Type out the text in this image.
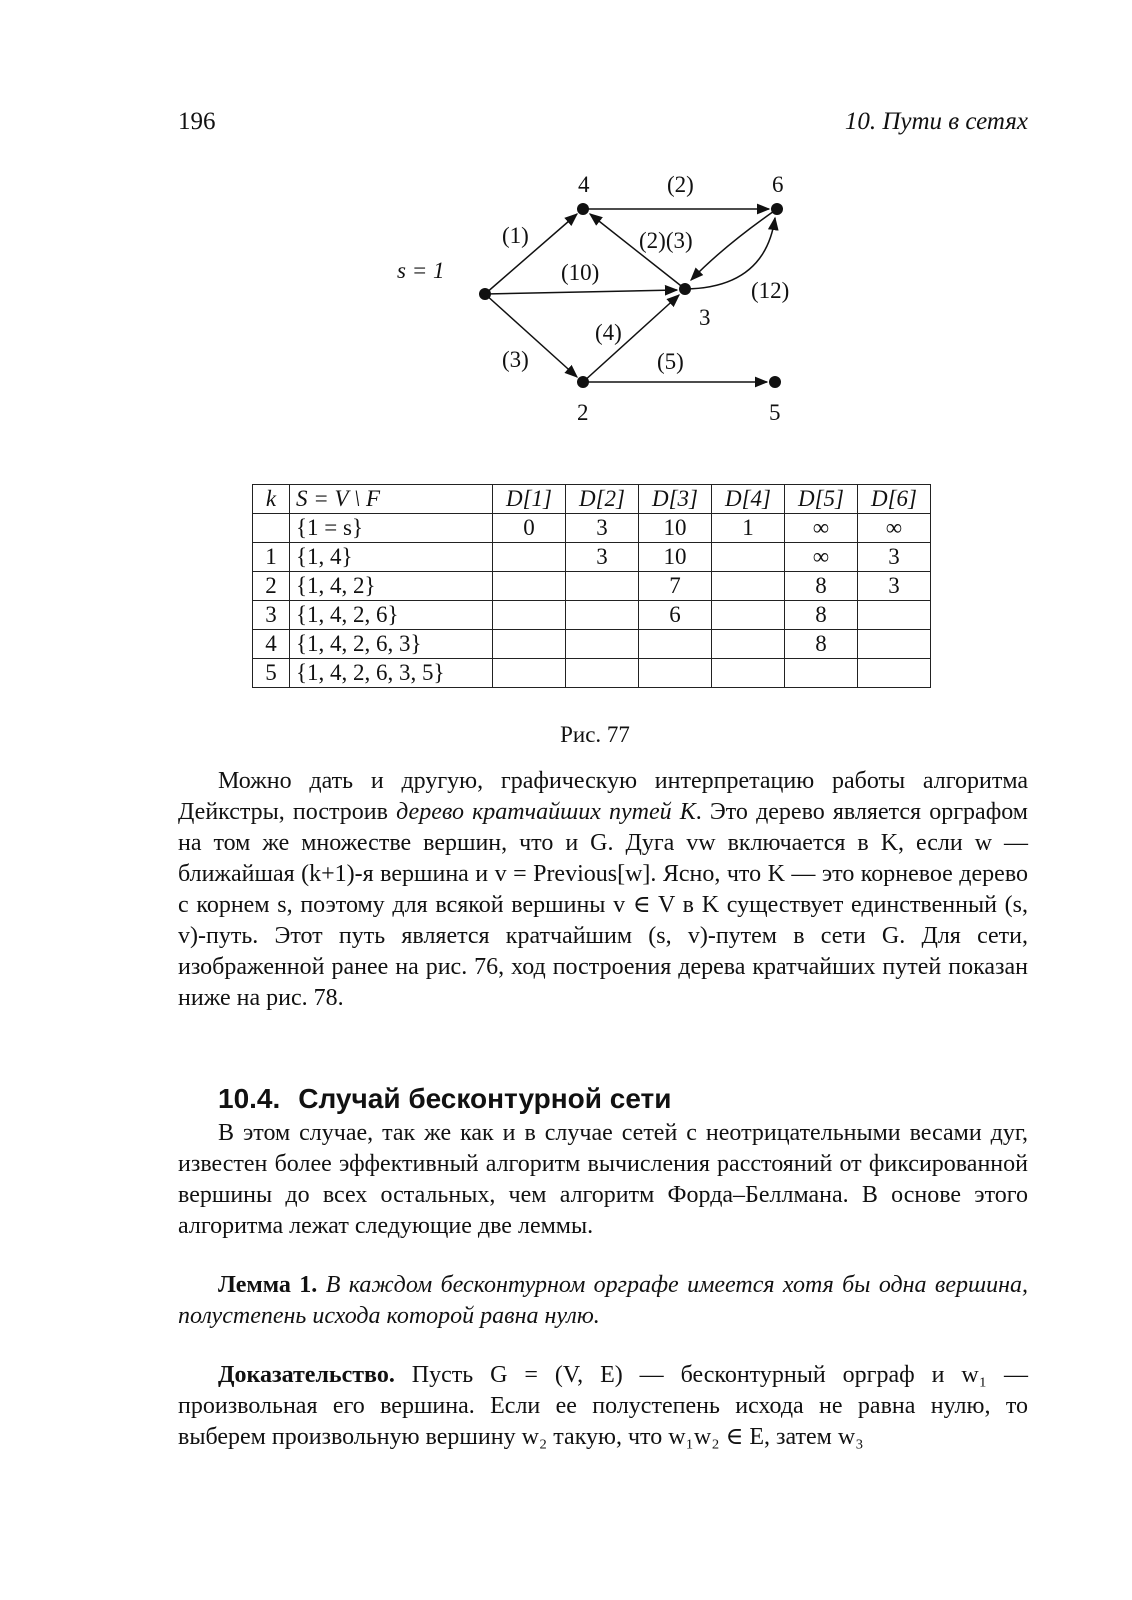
196	10. Пути в сетях
s = 1
4	6
3
2	5
(1)
(10)
(3)
(2)
(2)(3)
(4)
(5)
(12)
k	S = V \ F	D[1]	D[2]	D[3]	D[4]	D[5]	D[6]
	{1 = s}	0	3	10	1	∞	∞
1	{1, 4}		3	10		∞	3
2	{1, 4, 2}			7		8	3
3	{1, 4, 2, 6}			6		8	
4	{1, 4, 2, 6, 3}					8	
5	{1, 4, 2, 6, 3, 5}						
Рис. 77
Можно дать и другую, графическую интерпретацию работы алгоритма Дейкстры, построив дерево кратчайших путей K. Это дерево является орграфом на том же множестве вершин, что и G. Дуга vw включается в K, если w — ближайшая (k+1)-я вершина и v = Previous[w]. Ясно, что K — это корневое дерево с корнем s, поэтому для всякой вершины v ∈ V в K существует единственный (s, v)-путь. Этот путь является кратчайшим (s, v)-путем в сети G. Для сети, изображенной ранее на рис. 76, ход построения дерева кратчайших путей показан ниже на рис. 78.
10.4. Случай бесконтурной сети
В этом случае, так же как и в случае сетей с неотрицательными весами дуг, известен более эффективный алгоритм вычисления расстояний от фиксированной вершины до всех остальных, чем алгоритм Форда–Беллмана. В основе этого алгоритма лежат следующие две леммы.
Лемма 1. В каждом бесконтурном орграфе имеется хотя бы одна вершина, полустепень исхода которой равна нулю.
Доказательство. Пусть G = (V, E) — бесконтурный орграф и w₁ — произвольная его вершина. Если ее полустепень исхода не равна нулю, то выберем произвольную вершину w₂ такую, что w₁w₂ ∈ E, затем w₃
